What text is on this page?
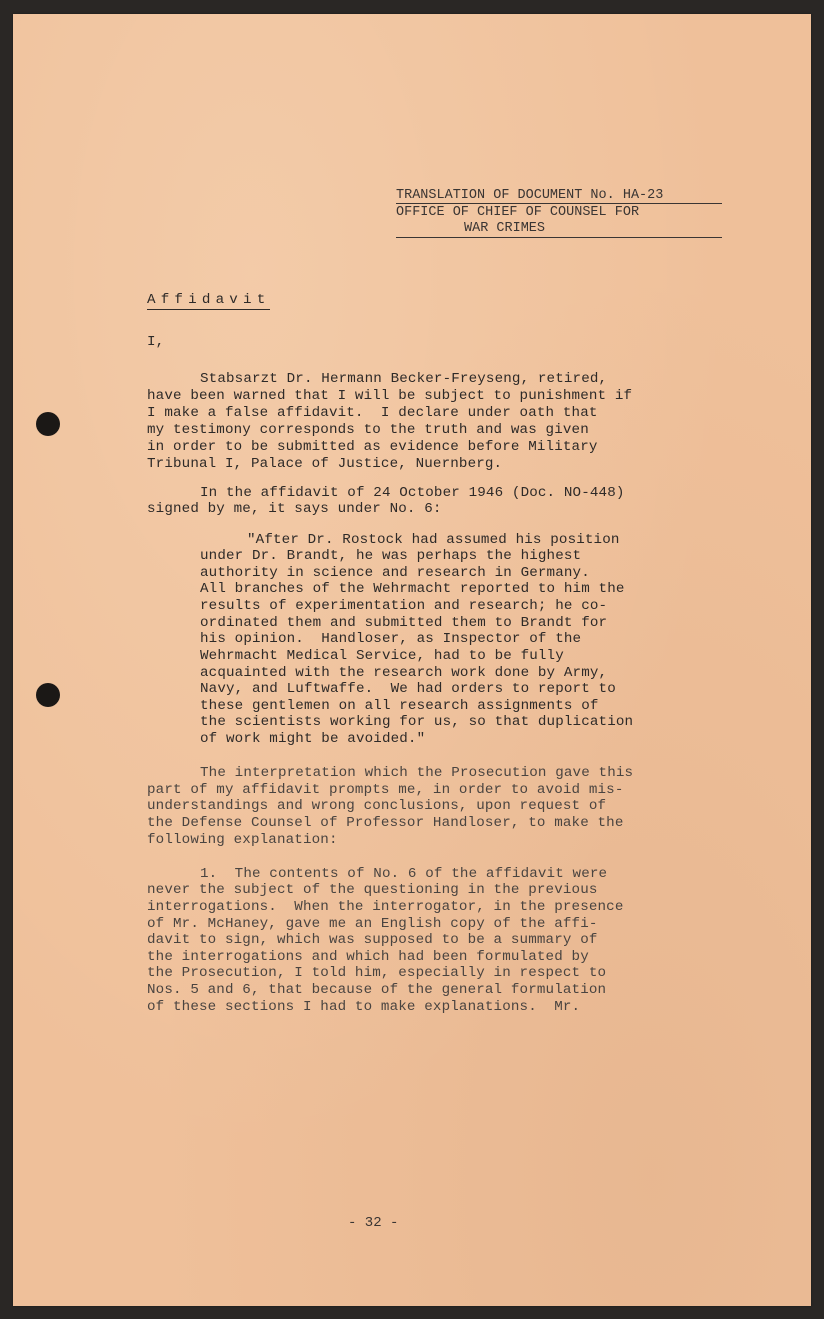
TRANSLATION OF DOCUMENT No. HA-23
OFFICE OF CHIEF OF COUNSEL FOR
WAR CRIMES
Affidavit
I,
Stabsarzt Dr. Hermann Becker-Freyseng, retired,
have been warned that I will be subject to punishment if
I make a false affidavit.  I declare under oath that
my testimony corresponds to the truth and was given
in order to be submitted as evidence before Military
Tribunal I, Palace of Justice, Nuernberg.
In the affidavit of 24 October 1946 (Doc. NO-448)
signed by me, it says under No. 6:
"After Dr. Rostock had assumed his position
under Dr. Brandt, he was perhaps the highest
authority in science and research in Germany.
All branches of the Wehrmacht reported to him the
results of experimentation and research; he co-
ordinated them and submitted them to Brandt for
his opinion.  Handloser, as Inspector of the
Wehrmacht Medical Service, had to be fully
acquainted with the research work done by Army,
Navy, and Luftwaffe.  We had orders to report to
these gentlemen on all research assignments of
the scientists working for us, so that duplication
of work might be avoided."
The interpretation which the Prosecution gave this
part of my affidavit prompts me, in order to avoid mis-
understandings and wrong conclusions, upon request of
the Defense Counsel of Professor Handloser, to make the
following explanation:
1.  The contents of No. 6 of the affidavit were
never the subject of the questioning in the previous
interrogations.  When the interrogator, in the presence
of Mr. McHaney, gave me an English copy of the affi-
davit to sign, which was supposed to be a summary of
the interrogations and which had been formulated by
the Prosecution, I told him, especially in respect to
Nos. 5 and 6, that because of the general formulation
of these sections I had to make explanations.  Mr.
- 32 -
